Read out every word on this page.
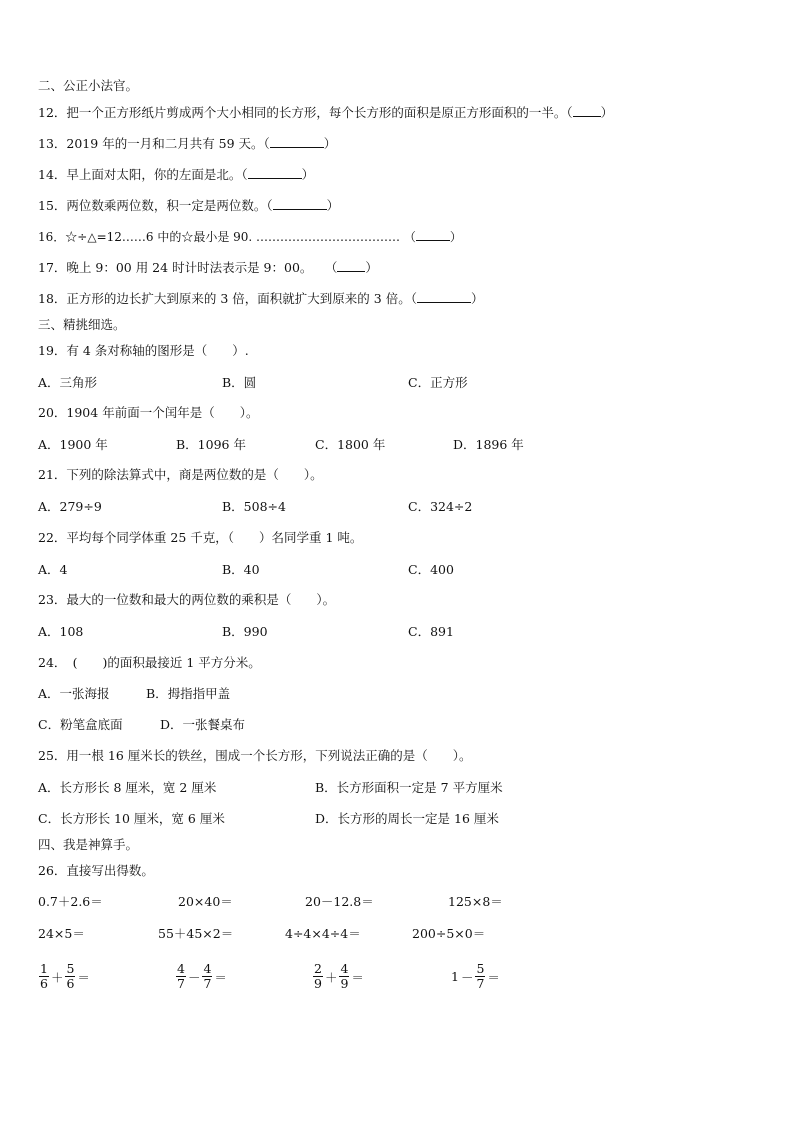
二、公正小法官。
12．把一个正方形纸片剪成两个大小相同的长方形，每个长方形的面积是原正方形面积的一半。（ ）
13．2019 年的一月和二月共有 59 天。（	）
14．早上面对太阳，你的左面是北。（	）
15．两位数乘两位数，积一定是两位数。（	）
16．☆÷△=12……6 中的☆最小是 90. ……………………………… （	）
17．晚上 9：00 用 24 时计时法表示是 9：00。　　（ ）
18．正方形的边长扩大到原来的 3 倍，面积就扩大到原来的 3 倍。（	）
三、精挑细选。
19．有 4 条对称轴的图形是（　　）.
A．三角形	B．圆	C．正方形
20．1904 年前面一个闰年是（　　）。
A．1900 年	B．1096 年	C．1800 年	D．1896 年
21．下列的除法算式中，商是两位数的是（　　）。
A．279÷9	B．508÷4	C．324÷2
22．平均每个同学体重 25 千克，（　　）名同学重 1 吨。
A．4	B．40	C．400
23．最大的一位数和最大的两位数的乘积是（　　）。
A．108	B．990	C．891
24．　(　　)的面积最接近 1 平方分米。
A．一张海报	B．拇指指甲盖
C．粉笔盒底面	D．一张餐桌布
25．用一根 16 厘米长的铁丝，围成一个长方形，下列说法正确的是（　　）。
A．长方形长 8 厘米，宽 2 厘米	B．长方形面积一定是 7 平方厘米
C．长方形长 10 厘米，宽 6 厘米	D．长方形的周长一定是 16 厘米
四、我是神算手。
26．直接写出得数。
0.7＋2.6＝	20×40＝	20－12.8＝	125×8＝
24×5＝	55＋45×2＝	4÷4×4÷4＝	200÷5×0＝
$\frac{1}{6} + \frac{5}{6}$ ＝	$\frac{4}{7} - \frac{4}{7}$ ＝	$\frac{2}{9} + \frac{4}{9}$ ＝	$1 - \frac{5}{7}$ ＝
